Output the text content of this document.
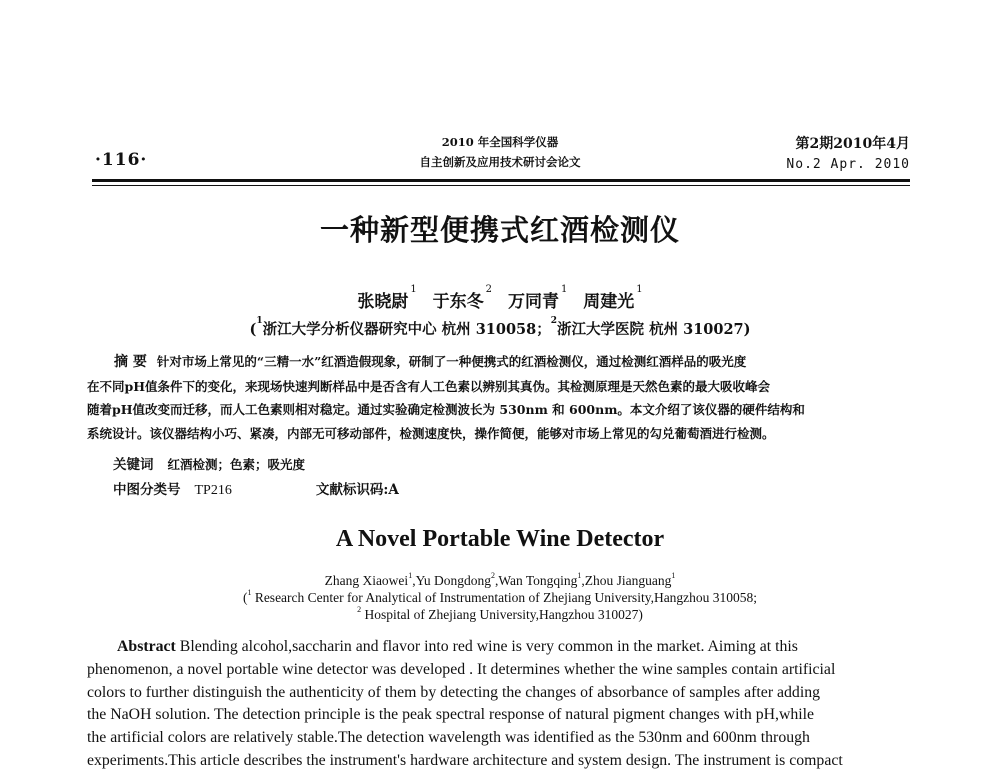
·116·
2010 年全国科学仪器
自主创新及应用技术研讨会论文
第2期2010年4月
No.2 Apr. 2010
一种新型便携式红酒检测仪
张晓尉$^1$ 于东冬$^2$ 万同青$^1$ 周建光$^1$
($^1$浙江大学分析仪器研究中心 杭州 310058；$^2$浙江大学医院 杭州 310027)
摘 要 针对市场上常见的“三精一水”红酒造假现象，研制了一种便携式的红酒检测仪，通过检测红酒样品的吸光度
在不同pH值条件下的变化，来现场快速判断样品中是否含有人工色素以辨别其真伪。其检测原理是天然色素的最大吸收峰会
随着pH值改变而迁移，而人工色素则相对稳定。通过实验确定检测波长为 530nm 和 600nm。本文介绍了该仪器的硬件结构和
系统设计。该仪器结构小巧、紧凑，内部无可移动部件，检测速度快，操作简便，能够对市场上常见的勾兑葡萄酒进行检测。
关键词 红酒检测；色素；吸光度
中图分类号 TP216	文献标识码:A
A Novel Portable Wine Detector
Zhang Xiaowei$^1$,Yu Dongdong$^2$,Wan Tongqing$^1$,Zhou Jianguang$^1$
($^1$ Research Center for Analytical of Instrumentation of Zhejiang University,Hangzhou 310058;
$^2$ Hospital of Zhejiang University,Hangzhou 310027)
Abstract Blending alcohol,saccharin and flavor into red wine is very common in the market. Aiming at this
phenomenon, a novel portable wine detector was developed . It determines whether the wine samples contain artificial
colors to further distinguish the authenticity of them by detecting the changes of absorbance of samples after adding
the NaOH solution. The detection principle is the peak spectral response of natural pigment changes with pH,while
the artificial colors are relatively stable.The detection wavelength was identified as the 530nm and 600nm through
experiments.This article describes the instrument's hardware architecture and system design. The instrument is compact
